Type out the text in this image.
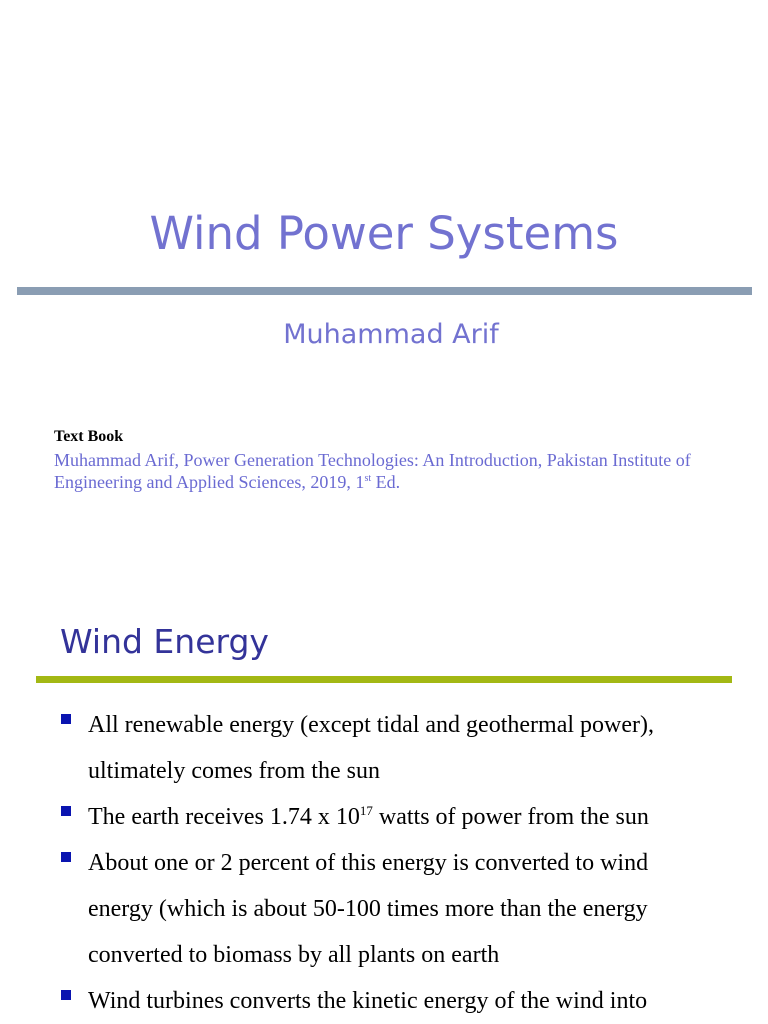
Wind Power Systems
Muhammad Arif
Text Book
Muhammad Arif, Power Generation Technologies: An Introduction, Pakistan Institute of Engineering and Applied Sciences, 2019, 1st Ed.
Wind Energy
All renewable energy (except tidal and geothermal power), ultimately comes from the sun
The earth receives 1.74 x $10^{17}$ watts of power from the sun
About one or 2 percent of this energy is converted to wind energy (which is about 50-100 times more than the energy converted to biomass by all plants on earth
Wind turbines converts the kinetic energy of the wind into
